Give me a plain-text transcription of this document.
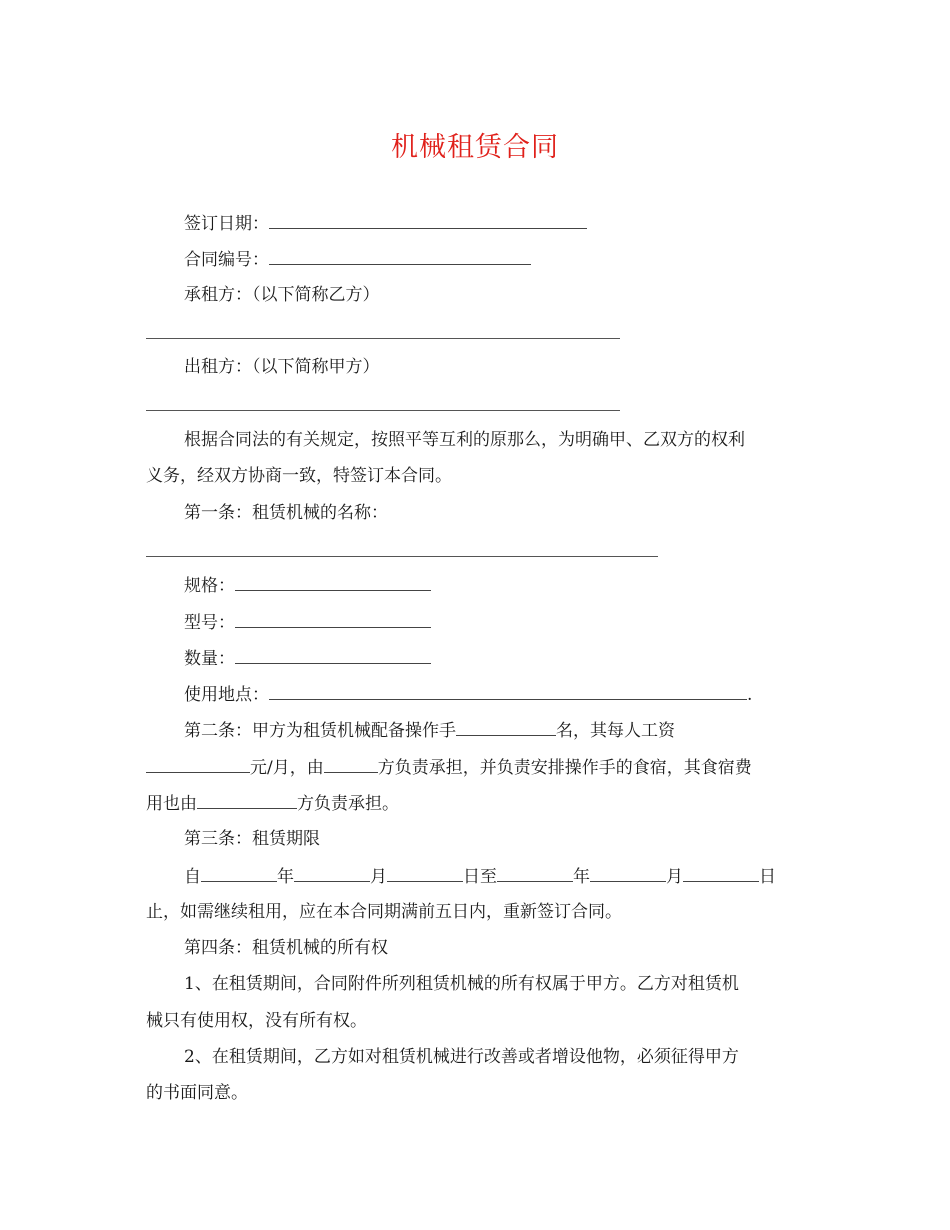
机械租赁合同
签订日期：
合同编号：
承租方：（以下简称乙方）
出租方：（以下简称甲方）
根据合同法的有关规定，按照平等互利的原那么，为明确甲、乙双方的权利
义务，经双方协商一致，特签订本合同。
第一条：租赁机械的名称：
规格：
型号：
数量：
使用地点：	.
第二条：甲方为租赁机械配备操作手	名，其每人工资
元/月，由	方负责承担，并负责安排操作手的食宿，其食宿费
用也由	方负责承担。
第三条：租赁期限
自	年	月	日至	年	月	日
止，如需继续租用，应在本合同期满前五日内，重新签订合同。
第四条：租赁机械的所有权
1、在租赁期间，合同附件所列租赁机械的所有权属于甲方。乙方对租赁机
械只有使用权，没有所有权。
2、在租赁期间，乙方如对租赁机械进行改善或者增设他物，必须征得甲方
的书面同意。
